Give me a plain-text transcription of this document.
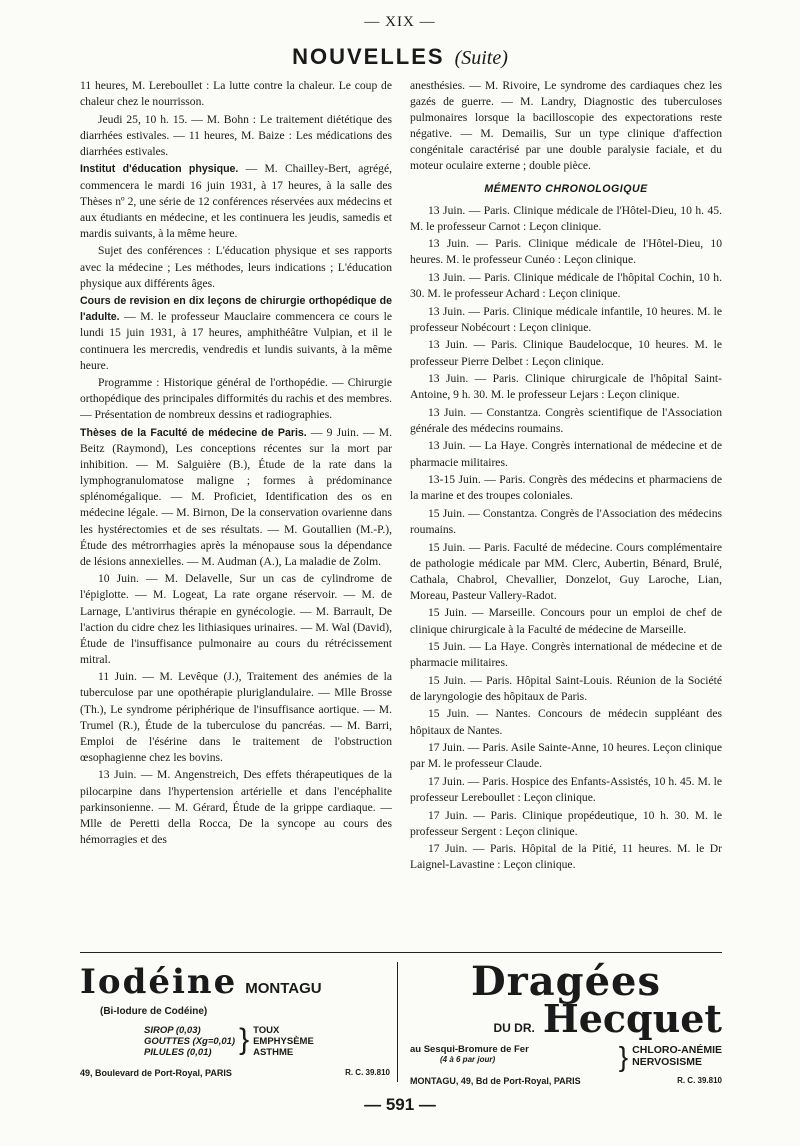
— XIX —
NOUVELLES (Suite)

11 heures, M. Lereboullet : La lutte contre la chaleur. Le coup de chaleur chez le nourrisson.

Jeudi 25, 10 h. 15. — M. Bohn : Le traitement diététique des diarrhées estivales. — 11 heures, M. Baize : Les médications des diarrhées estivales.

Institut d'éducation physique. — M. Chailley-Bert, agrégé, commencera le mardi 16 juin 1931, à 17 heures, à la salle des Thèses nº 2, une série de 12 conférences réservées aux médecins et aux étudiants en médecine, et les continuera les jeudis, samedis et mardis suivants, à la même heure.

Sujet des conférences : L'éducation physique et ses rapports avec la médecine ; Les méthodes, leurs indications ; L'éducation physique aux différents âges.

Cours de revision en dix leçons de chirurgie orthopédique de l'adulte. — M. le professeur Mauclaire commencera ce cours le lundi 15 juin 1931, à 17 heures, amphithéâtre Vulpian, et il le continuera les mercredis, vendredis et lundis suivants, à la même heure.

Programme : Historique général de l'orthopédie. — Chirurgie orthopédique des principales difformités du rachis et des membres. — Présentation de nombreux dessins et radiographies.

Thèses de la Faculté de médecine de Paris. — 9 Juin. — M. Beitz (Raymond), Les conceptions récentes sur la mort par inhibition. — M. Salguière (B.), Étude de la rate dans la lymphogranulomatose maligne ; formes à prédominance splénomégalique. — M. Proficiet, Identification des os en médecine légale. — M. Birnon, De la conservation ovarienne dans les hystérectomies et de ses résultats. — M. Goutallien (M.-P.), Étude des métrorrhagies après la ménopause sous la dépendance de lésions annexielles. — M. Audman (A.), La maladie de Zolm.

10 Juin. — M. Delavelle, Sur un cas de cylindrome de l'épiglotte. — M. Logeat, La rate organe réservoir. — M. de Larnage, L'antivirus thérapie en gynécologie. — M. Barrault, De l'action du cidre chez les lithiasiques urinaires. — M. Wal (David), Étude de l'insuffisance pulmonaire au cours du rétrécissement mitral.

11 Juin. — M. Levêque (J.), Traitement des anémies de la tuberculose par une opothérapie pluriglandulaire. — Mlle Brosse (Th.), Le syndrome périphérique de l'insuffisance aortique. — M. Trumel (R.), Étude de la tuberculose du pancréas. — M. Barri, Emploi de l'ésérine dans le traitement de l'obstruction œsophagienne chez les bovins.

13 Juin. — M. Angenstreich, Des effets thérapeutiques de la pilocarpine dans l'hypertension artérielle et dans l'encéphalite parkinsonienne. — M. Gérard, Étude de la grippe cardiaque. — Mlle de Peretti della Rocca, De la syncope au cours des hémorragies et des

anesthésies. — M. Rivoire, Le syndrome des cardiaques chez les gazés de guerre. — M. Landry, Diagnostic des tuberculoses pulmonaires lorsque la bacilloscopie des expectorations reste négative. — M. Demailis, Sur un type clinique d'affection congénitale caractérisé par une double paralysie faciale, et du moteur oculaire externe ; double pièce.

MÉMENTO CHRONOLOGIQUE

13 Juin. — Paris. Clinique médicale de l'Hôtel-Dieu, 10 h. 45. M. le professeur Carnot : Leçon clinique.

13 Juin. — Paris. Clinique médicale de l'Hôtel-Dieu, 10 heures. M. le professeur Cunéo : Leçon clinique.

13 Juin. — Paris. Clinique médicale de l'hôpital Cochin, 10 h. 30. M. le professeur Achard : Leçon clinique.

13 Juin. — Paris. Clinique médicale infantile, 10 heures. M. le professeur Nobécourt : Leçon clinique.

13 Juin. — Paris. Clinique Baudelocque, 10 heures. M. le professeur Pierre Delbet : Leçon clinique.

13 Juin. — Paris. Clinique chirurgicale de l'hôpital Saint-Antoine, 9 h. 30. M. le professeur Lejars : Leçon clinique.

13 Juin. — Constantza. Congrès scientifique de l'Association générale des médecins roumains.

13 Juin. — La Haye. Congrès international de médecine et de pharmacie militaires.

13-15 Juin. — Paris. Congrès des médecins et pharmaciens de la marine et des troupes coloniales.

15 Juin. — Constantza. Congrès de l'Association des médecins roumains.

15 Juin. — Paris. Faculté de médecine. Cours complémentaire de pathologie médicale par MM. Clerc, Aubertin, Bénard, Brulé, Cathala, Chabrol, Chevallier, Donzelot, Guy Laroche, Lian, Moreau, Pasteur Vallery-Radot.

15 Juin. — Marseille. Concours pour un emploi de chef de clinique chirurgicale à la Faculté de médecine de Marseille.

15 Juin. — La Haye. Congrès international de médecine et de pharmacie militaires.

15 Juin. — Paris. Hôpital Saint-Louis. Réunion de la Société de laryngologie des hôpitaux de Paris.

15 Juin. — Nantes. Concours de médecin suppléant des hôpitaux de Nantes.

17 Juin. — Paris. Asile Sainte-Anne, 10 heures. Leçon clinique par M. le professeur Claude.

17 Juin. — Paris. Hospice des Enfants-Assistés, 10 h. 45. M. le professeur Lereboullet : Leçon clinique.

17 Juin. — Paris. Clinique propédeutique, 10 h. 30. M. le professeur Sergent : Leçon clinique.

17 Juin. — Paris. Hôpital de la Pitié, 11 heures. M. le Dr Laignel-Lavastine : Leçon clinique.

Iodéine MONTAGU
(Bi-Iodure de Codéine)
SIROP (0,03)
GOUTTES (Xg=0,01)
PILULES (0,01) } TOUX
EMPHYSÈME
ASTHME
49, Boulevard de Port-Royal, PARIS	R. C. 39.810
Dragées
DU DR. Hecquet
au Sesqui-Bromure de Fer
(4 à 6 par jour)	} CHLORO-ANÉMIE
NERVOSISME
MONTAGU, 49, Bd de Port-Royal, PARIS	R. C. 39.810
— 591 —
